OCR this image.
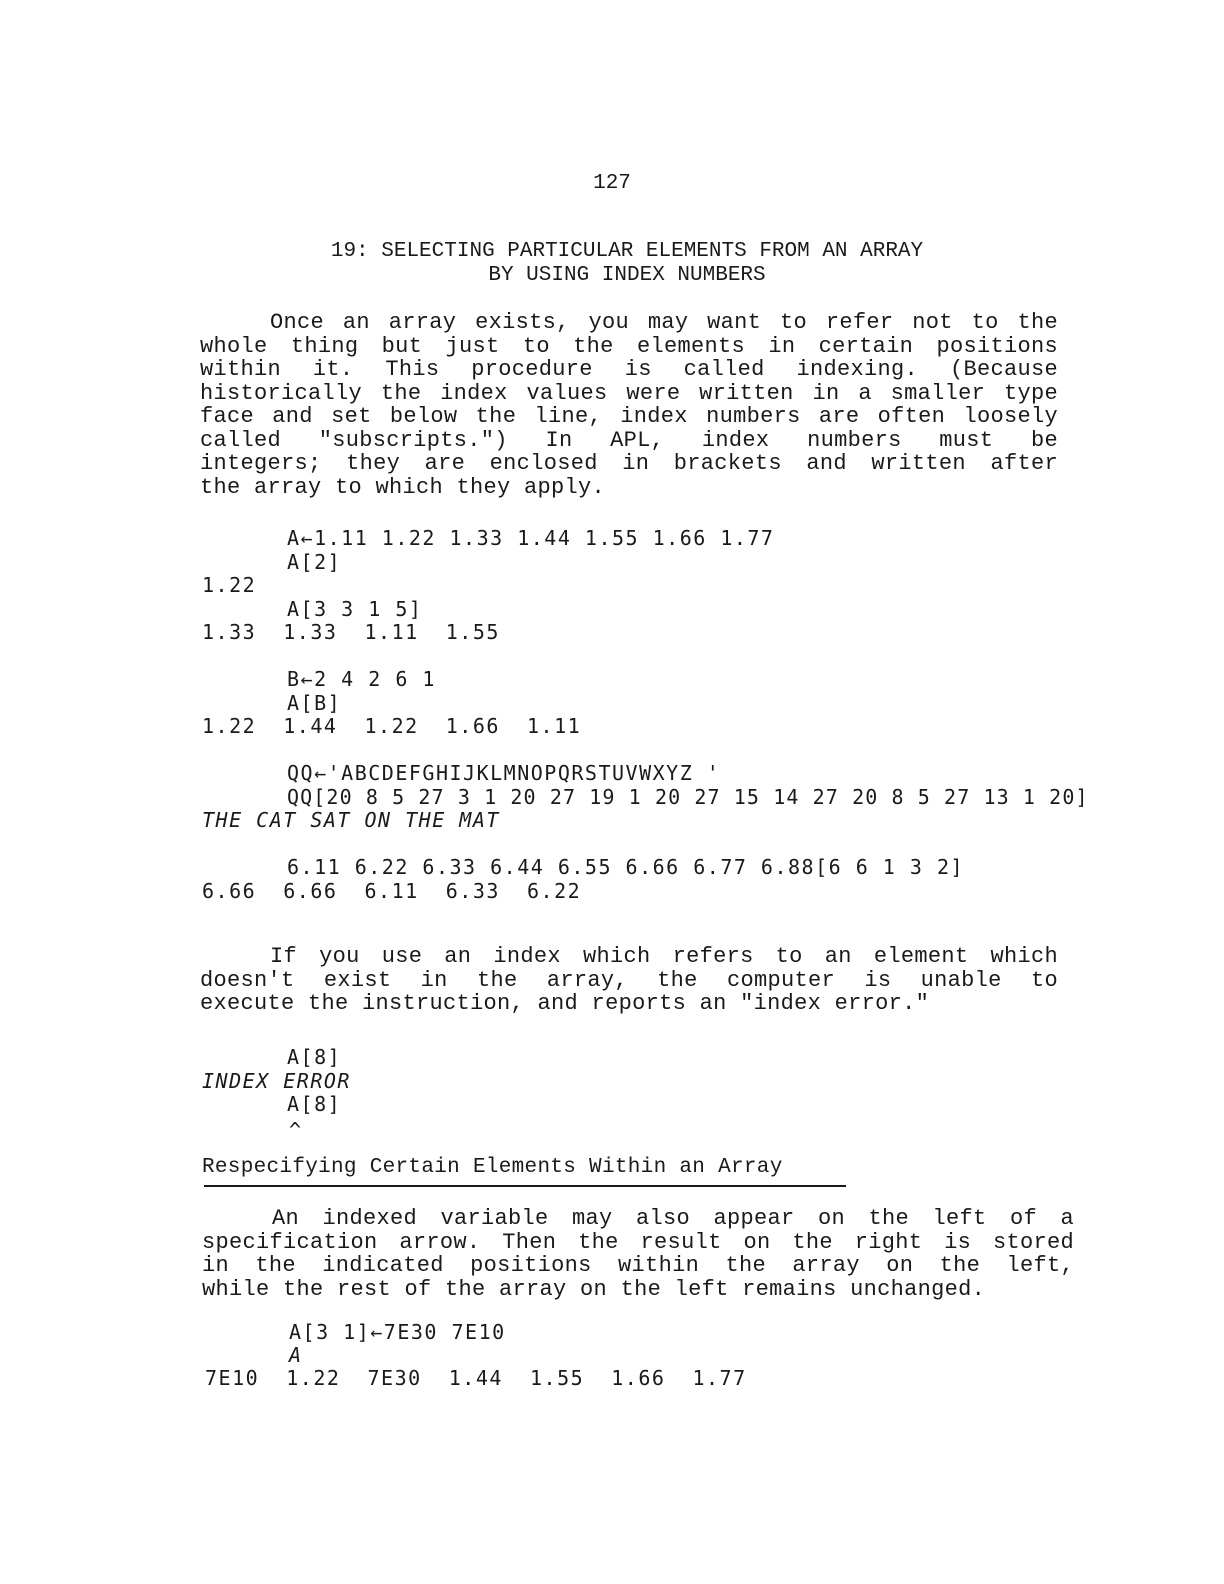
127
19: SELECTING PARTICULAR ELEMENTS FROM AN ARRAY
BY USING INDEX NUMBERS
Once an array exists, you may want to refer not to the
whole thing but just to the elements in certain positions
within it. This procedure is called indexing. (Because
historically the index values were written in a smaller type
face and set below the line, index numbers are often loosely
called "subscripts.") In APL, index numbers must be
integers; they are enclosed in brackets and written after
the array to which they apply.
A←1.11 1.22 1.33 1.44 1.55 1.66 1.77
A[2]
1.22
A[3 3 1 5]
1.33  1.33  1.11  1.55
B←2 4 2 6 1
A[B]
1.22  1.44  1.22  1.66  1.11
QQ←'ABCDEFGHIJKLMNOPQRSTUVWXYZ '
QQ[20 8 5 27 3 1 20 27 19 1 20 27 15 14 27 20 8 5 27 13 1 20]
THE CAT SAT ON THE MAT
6.11 6.22 6.33 6.44 6.55 6.66 6.77 6.88[6 6 1 3 2]
6.66  6.66  6.11  6.33  6.22
If you use an index which refers to an element which
doesn't exist in the array, the computer is unable to
execute the instruction, and reports an "index error."
A[8]
INDEX ERROR
A[8]
^
Respecifying Certain Elements Within an Array
An indexed variable may also appear on the left of a
specification arrow. Then the result on the right is stored
in the indicated positions within the array on the left,
while the rest of the array on the left remains unchanged.
A[3 1]←7E30 7E10
A
7E10  1.22  7E30  1.44  1.55  1.66  1.77
